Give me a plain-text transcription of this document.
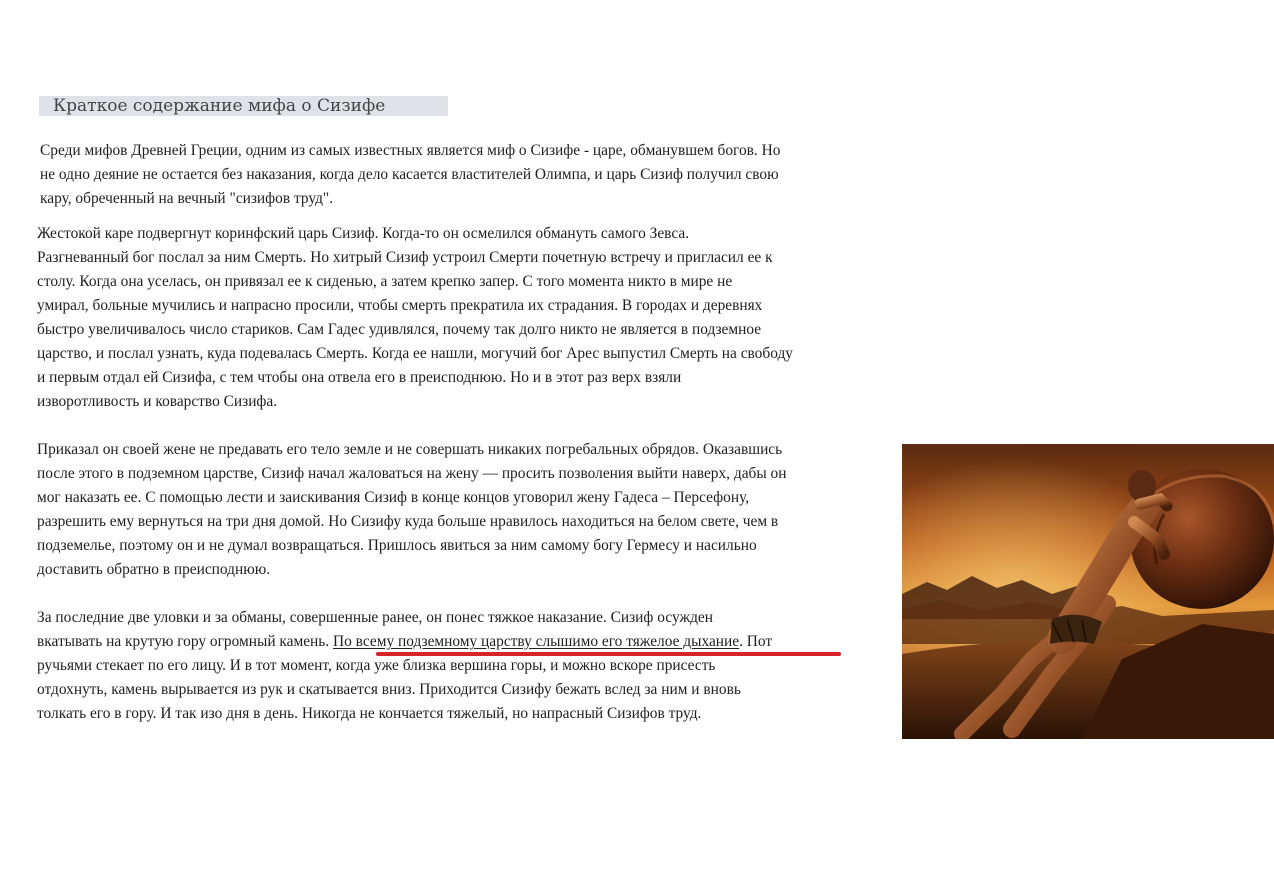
Краткое содержание мифа о Сизифе
Среди мифов Древней Греции, одним из самых известных является миф о Сизифе - царе, обманувшем богов. Но
не одно деяние не остается без наказания, когда дело касается властителей Олимпа, и царь Сизиф получил свою
кару, обреченный на вечный "сизифов труд".
Жестокой каре подвергнут коринфский царь Сизиф. Когда-то он осмелился обмануть самого Зевса.
Разгневанный бог послал за ним Смерть. Но хитрый Сизиф устроил Смерти почетную встречу и пригласил ее к
столу. Когда она уселась, он привязал ее к сиденью, а затем крепко запер. С того момента никто в мире не
умирал, больные мучились и напрасно просили, чтобы смерть прекратила их страдания. В городах и деревнях
быстро увеличивалось число стариков. Сам Гадес удивлялся, почему так долго никто не является в подземное
царство, и послал узнать, куда подевалась Смерть. Когда ее нашли, могучий бог Арес выпустил Смерть на свободу
и первым отдал ей Сизифа, с тем чтобы она отвела его в преисподнюю. Но и в этот раз верх взяли
изворотливость и коварство Сизифа.
Приказал он своей жене не предавать его тело земле и не совершать никаких погребальных обрядов. Оказавшись
после этого в подземном царстве, Сизиф начал жаловаться на жену — просить позволения выйти наверх, дабы он
мог наказать ее. С помощью лести и заискивания Сизиф в конце концов уговорил жену Гадеса – Персефону,
разрешить ему вернуться на три дня домой. Но Сизифу куда больше нравилось находиться на белом свете, чем в
подземелье, поэтому он и не думал возвращаться. Пришлось явиться за ним самому богу Гермесу и насильно
доставить обратно в преисподнюю.
За последние две уловки и за обманы, совершенные ранее, он понес тяжкое наказание. Сизиф осужден
вкатывать на крутую гору огромный камень. По всему подземному царству слышимо его тяжелое дыхание. Пот
ручьями стекает по его лицу. И в тот момент, когда уже близка вершина горы, и можно вскоре присесть
отдохнуть, камень вырывается из рук и скатывается вниз. Приходится Сизифу бежать вслед за ним и вновь
толкать его в гору. И так изо дня в день. Никогда не кончается тяжелый, но напрасный Сизифов труд.
